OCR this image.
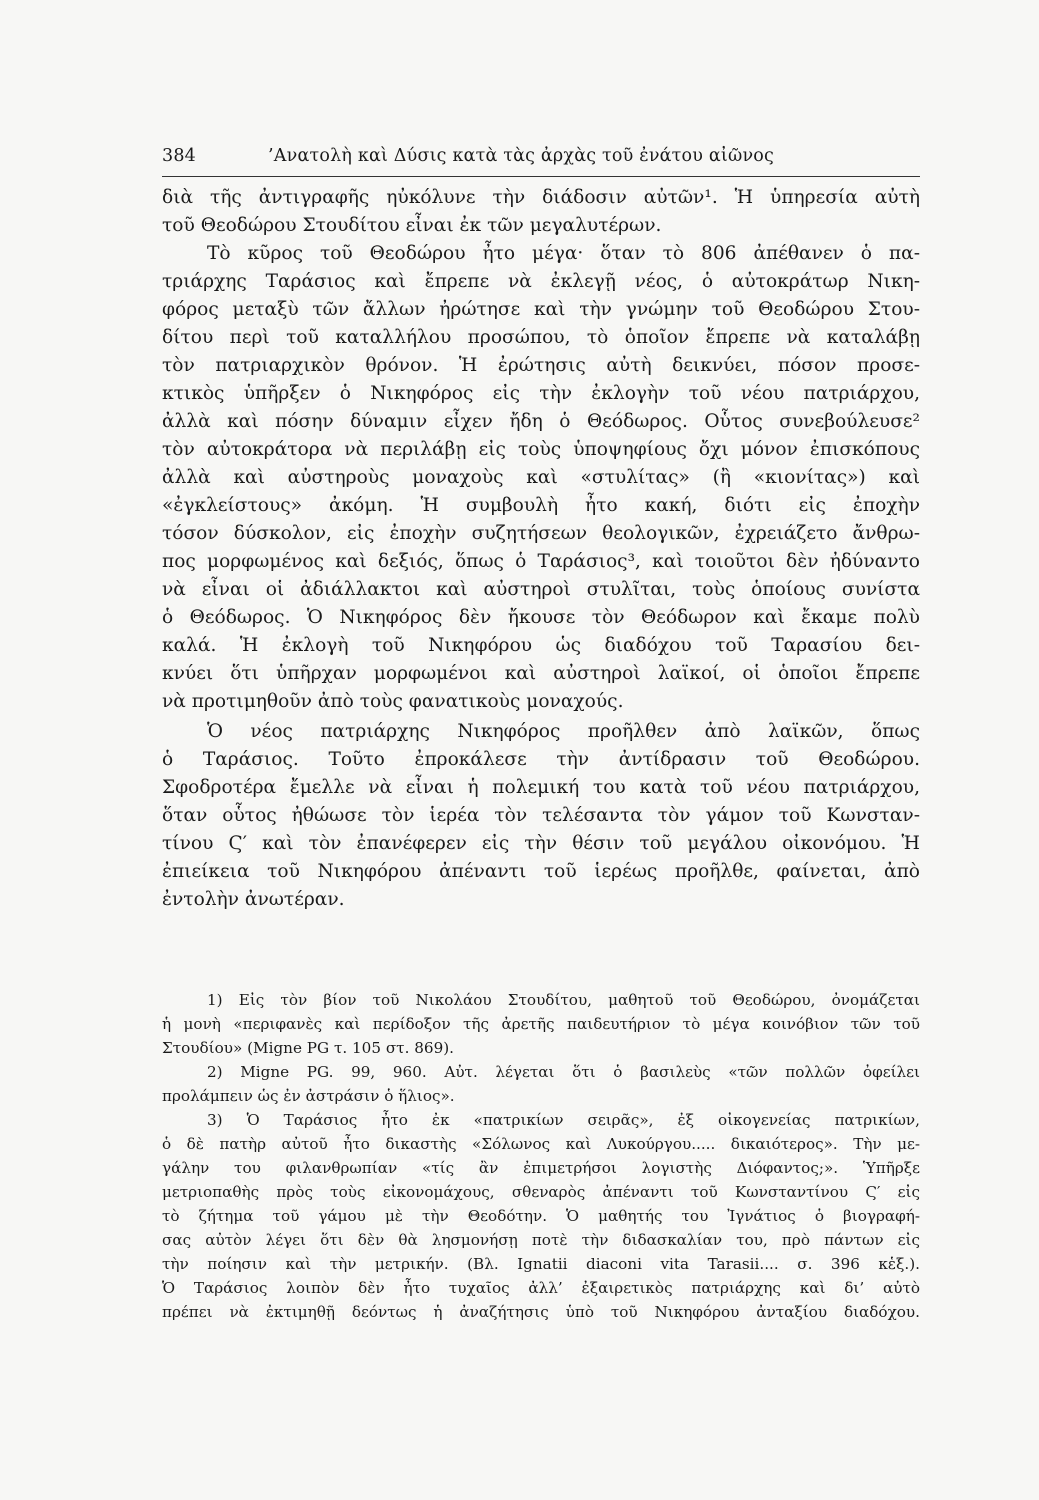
384	’Ανατολὴ καὶ Δύσις κατὰ τὰς ἀρχὰς τοῦ ἐνάτου αἰῶνος
διὰ τῆς ἀντιγραφῆς ηὐκόλυνε τὴν διάδοσιν αὐτῶν¹. Ἡ ὑπηρεσία αὐτὴ
τοῦ Θεοδώρου Στουδίτου εἶναι ἐκ τῶν μεγαλυτέρων.
Τὸ κῦρος τοῦ Θεοδώρου ἦτο μέγα· ὅταν τὸ 806 ἀπέθανεν ὁ πα-
τριάρχης Ταράσιος καὶ ἔπρεπε νὰ ἐκλεγῇ νέος, ὁ αὐτοκράτωρ Νικη-
φόρος μεταξὺ τῶν ἄλλων ἠρώτησε καὶ τὴν γνώμην τοῦ Θεοδώρου Στου-
δίτου περὶ τοῦ καταλλήλου προσώπου, τὸ ὁποῖον ἔπρεπε νὰ καταλάβῃ
τὸν πατριαρχικὸν θρόνον. Ἡ ἐρώτησις αὐτὴ δεικνύει, πόσον προσε-
κτικὸς ὑπῆρξεν ὁ Νικηφόρος εἰς τὴν ἐκλογὴν τοῦ νέου πατριάρχου,
ἀλλὰ καὶ πόσην δύναμιν εἶχεν ἤδη ὁ Θεόδωρος. Οὗτος συνεβούλευσε²
τὸν αὐτοκράτορα νὰ περιλάβῃ εἰς τοὺς ὑποψηφίους ὄχι μόνον ἐπισκόπους
ἀλλὰ καὶ αὐστηροὺς μοναχοὺς καὶ «στυλίτας» (ἢ «κιονίτας») καὶ
«ἐγκλείστους» ἀκόμη. Ἡ συμβουλὴ ἦτο κακή, διότι εἰς ἐποχὴν
τόσον δύσκολον, εἰς ἐποχὴν συζητήσεων θεολογικῶν, ἐχρειάζετο ἄνθρω-
πος μορφωμένος καὶ δεξιός, ὅπως ὁ Ταράσιος³, καὶ τοιοῦτοι δὲν ἠδύναντο
νὰ εἶναι οἱ ἀδιάλλακτοι καὶ αὐστηροὶ στυλῖται, τοὺς ὁποίους συνίστα
ὁ Θεόδωρος. Ὁ Νικηφόρος δὲν ἤκουσε τὸν Θεόδωρον καὶ ἔκαμε πολὺ
καλά. Ἡ ἐκλογὴ τοῦ Νικηφόρου ὡς διαδόχου τοῦ Ταρασίου δει-
κνύει ὅτι ὑπῆρχαν μορφωμένοι καὶ αὐστηροὶ λαϊκοί, οἱ ὁποῖοι ἔπρεπε
νὰ προτιμηθοῦν ἀπὸ τοὺς φανατικοὺς μοναχούς.
Ὁ νέος πατριάρχης Νικηφόρος προῆλθεν ἀπὸ λαϊκῶν, ὅπως
ὁ Ταράσιος. Τοῦτο ἐπροκάλεσε τὴν ἀντίδρασιν τοῦ Θεοδώρου.
Σφοδροτέρα ἔμελλε νὰ εἶναι ἡ πολεμική του κατὰ τοῦ νέου πατριάρχου,
ὅταν οὗτος ἠθώωσε τὸν ἱερέα τὸν τελέσαντα τὸν γάμον τοῦ Κωνσταν-
τίνου Ϛ′ καὶ τὸν ἐπανέφερεν εἰς τὴν θέσιν τοῦ μεγάλου οἰκονόμου. Ἡ
ἐπιείκεια τοῦ Νικηφόρου ἀπέναντι τοῦ ἱερέως προῆλθε, φαίνεται, ἀπὸ
ἐντολὴν ἀνωτέραν.
1) Εἰς τὸν βίον τοῦ Νικολάου Στουδίτου, μαθητοῦ τοῦ Θεοδώρου, ὀνομάζεται
ἡ μονὴ «περιφανὲς καὶ περίδοξον τῆς ἀρετῆς παιδευτήριον τὸ μέγα κοινόβιον τῶν τοῦ
Στουδίου» (Migne PG τ. 105 στ. 869).
2) Migne PG. 99, 960. Αὐτ. λέγεται ὅτι ὁ βασιλεὺς «τῶν πολλῶν ὀφείλει
προλάμπειν ὡς ἐν ἀστράσιν ὁ ἥλιος».
3) Ὁ Ταράσιος ἦτο ἐκ «πατρικίων σειρᾶς», ἐξ οἰκογενείας πατρικίων,
ὁ δὲ πατὴρ αὐτοῦ ἦτο δικαστὴς «Σόλωνος καὶ Λυκούργου..... δικαιότερος». Τὴν με-
γάλην του φιλανθρωπίαν «τίς ἂν ἐπιμετρήσοι λογιστὴς Διόφαντος;». Ὑπῆρξε
μετριοπαθὴς πρὸς τοὺς εἰκονομάχους, σθεναρὸς ἀπέναντι τοῦ Κωνσταντίνου Ϛ′ εἰς
τὸ ζήτημα τοῦ γάμου μὲ τὴν Θεοδότην. Ὁ μαθητής του Ἰγνάτιος ὁ βιογραφή-
σας αὐτὸν λέγει ὅτι δὲν θὰ λησμονήσῃ ποτὲ τὴν διδασκαλίαν του, πρὸ πάντων εἰς
τὴν ποίησιν καὶ τὴν μετρικήν. (Βλ. Ignatii diaconi vita Tarasii.... σ. 396 κἑξ.).
Ὁ Ταράσιος λοιπὸν δὲν ἦτο τυχαῖος ἀλλ’ ἐξαιρετικὸς πατριάρχης καὶ δι’ αὐτὸ
πρέπει νὰ ἐκτιμηθῇ δεόντως ἡ ἀναζήτησις ὑπὸ τοῦ Νικηφόρου ἀνταξίου διαδόχου.
